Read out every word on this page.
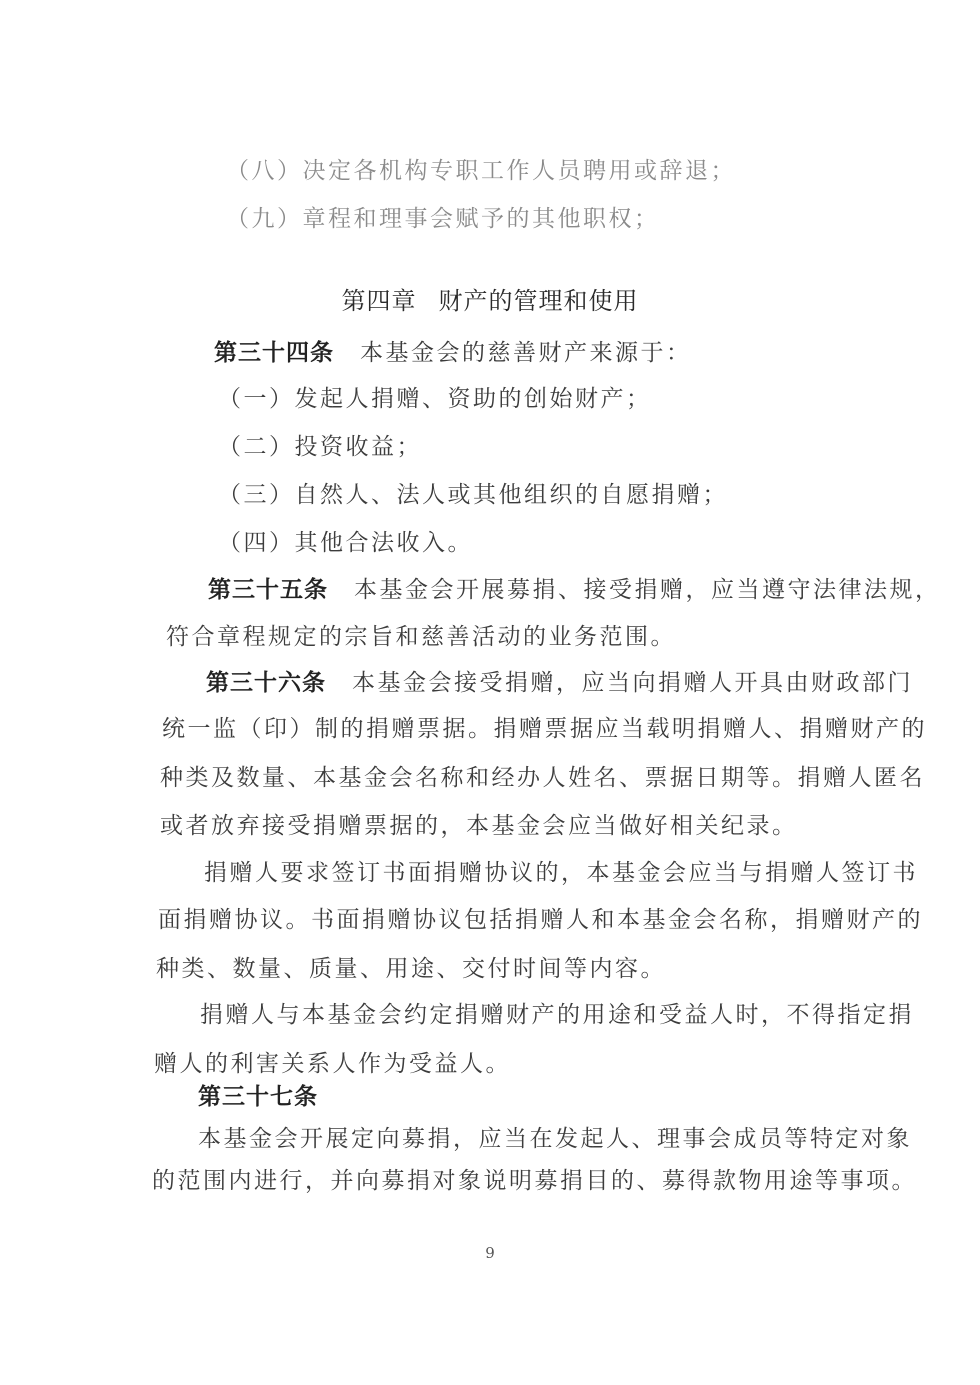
（八）决定各机构专职工作人员聘用或辞退；
（九）章程和理事会赋予的其他职权；
第四章 财产的管理和使用
第三十四条 本基金会的慈善财产来源于：
（一）发起人捐赠、资助的创始财产；
（二）投资收益；
（三）自然人、法人或其他组织的自愿捐赠；
（四）其他合法收入。
第三十五条 本基金会开展募捐、接受捐赠，应当遵守法律法规，
符合章程规定的宗旨和慈善活动的业务范围。
第三十六条 本基金会接受捐赠，应当向捐赠人开具由财政部门
统一监（印）制的捐赠票据。捐赠票据应当载明捐赠人、捐赠财产的
种类及数量、本基金会名称和经办人姓名、票据日期等。捐赠人匿名
或者放弃接受捐赠票据的，本基金会应当做好相关纪录。
捐赠人要求签订书面捐赠协议的，本基金会应当与捐赠人签订书
面捐赠协议。书面捐赠协议包括捐赠人和本基金会名称，捐赠财产的
种类、数量、质量、用途、交付时间等内容。
捐赠人与本基金会约定捐赠财产的用途和受益人时，不得指定捐
赠人的利害关系人作为受益人。
第三十七条
本基金会开展定向募捐，应当在发起人、理事会成员等特定对象
的范围内进行，并向募捐对象说明募捐目的、募得款物用途等事项。
9
